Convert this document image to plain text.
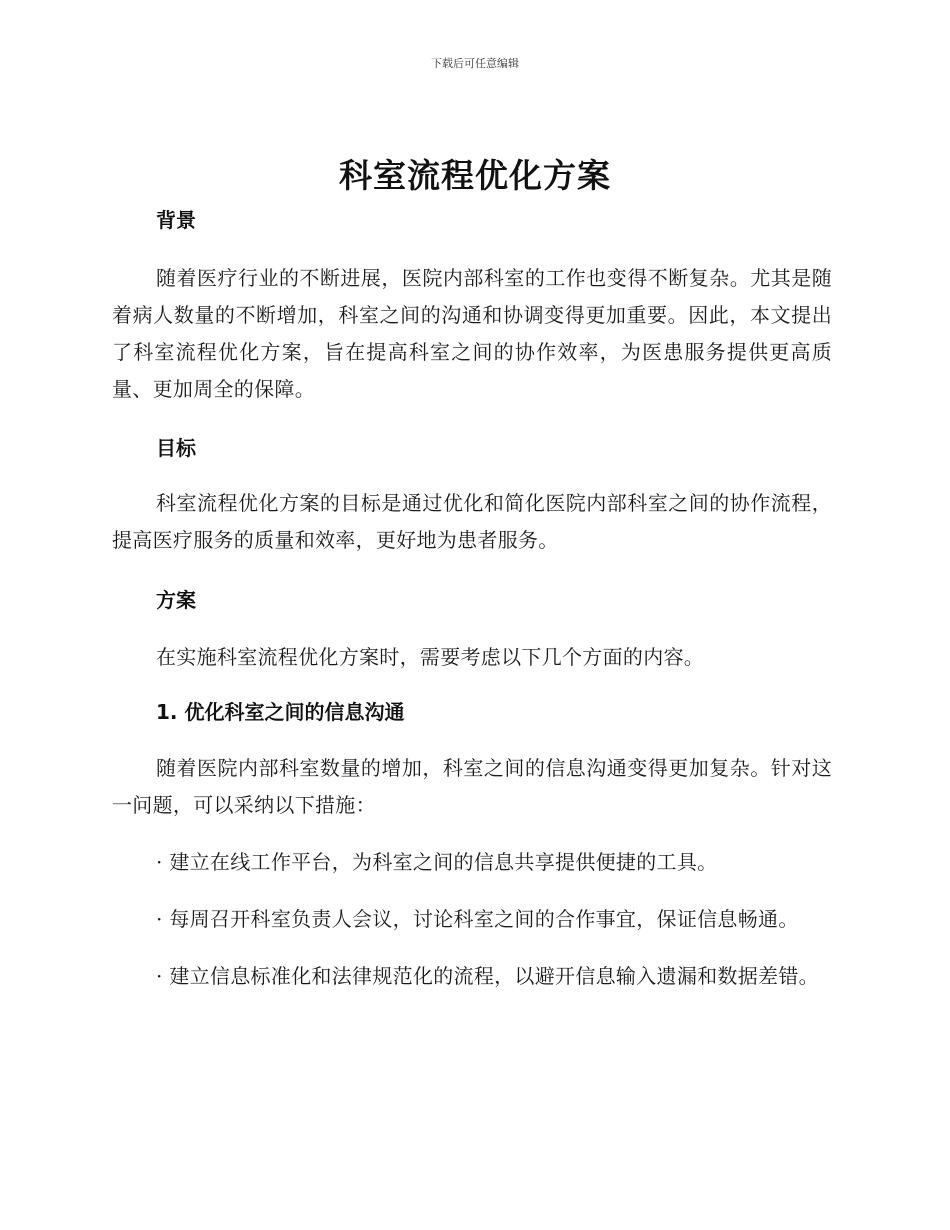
下载后可任意编辑
科室流程优化方案
背景

随着医疗行业的不断进展，医院内部科室的工作也变得不断复杂。尤其是随着病人数量的不断增加，科室之间的沟通和协调变得更加重要。因此，本文提出了科室流程优化方案，旨在提高科室之间的协作效率，为医患服务提供更高质量、更加周全的保障。

目标

科室流程优化方案的目标是通过优化和简化医院内部科室之间的协作流程，提高医疗服务的质量和效率，更好地为患者服务。

方案

在实施科室流程优化方案时，需要考虑以下几个方面的内容。

1. 优化科室之间的信息沟通

随着医院内部科室数量的增加，科室之间的信息沟通变得更加复杂。针对这一问题，可以采纳以下措施：

· 建立在线工作平台，为科室之间的信息共享提供便捷的工具。

· 每周召开科室负责人会议，讨论科室之间的合作事宜，保证信息畅通。

· 建立信息标准化和法律规范化的流程，以避开信息输入遗漏和数据差错。
